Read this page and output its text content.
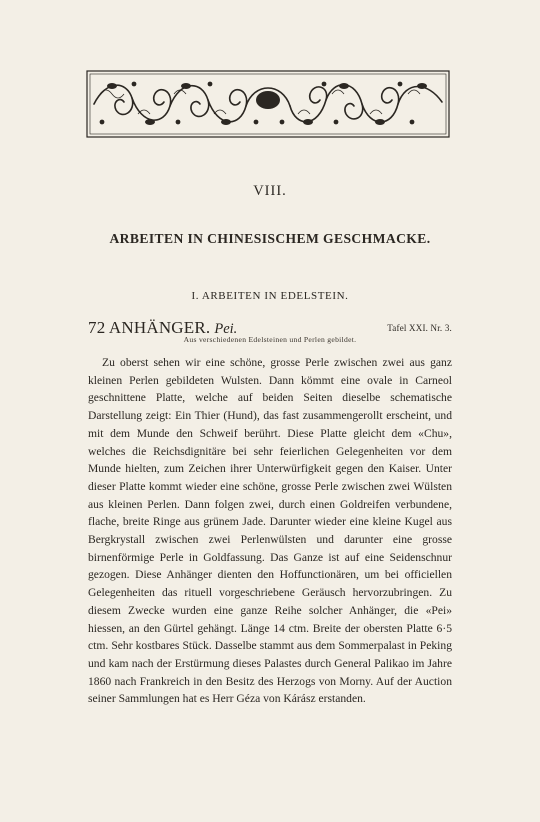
VIII.
ARBEITEN IN CHINESISCHEM GESCHMACKE.
I. ARBEITEN IN EDELSTEIN.
72 ANHÄNGER. Pei.	Tafel XXI. Nr. 3.
Aus verschiedenen Edelsteinen und Perlen gebildet.

Zu oberst sehen wir eine schöne, grosse Perle zwischen zwei aus ganz kleinen Perlen gebildeten Wulsten. Dann kömmt eine ovale in Carneol geschnittene Platte, welche auf beiden Seiten dieselbe schematische Darstellung zeigt: Ein Thier (Hund), das fast zusammengerollt erscheint, und mit dem Munde den Schweif berührt. Diese Platte gleicht dem «Chu», welches die Reichsdignitäre bei sehr feierlichen Gelegenheiten vor dem Munde hielten, zum Zeichen ihrer Unterwürfigkeit gegen den Kaiser. Unter dieser Platte kommt wieder eine schöne, grosse Perle zwischen zwei Wülsten aus kleinen Perlen. Dann folgen zwei, durch einen Goldreifen verbundene, flache, breite Ringe aus grünem Jade. Darunter wieder eine kleine Kugel aus Bergkrystall zwischen zwei Perlenwülsten und darunter eine grosse birnenförmige Perle in Goldfassung. Das Ganze ist auf eine Seidenschnur gezogen. Diese Anhänger dienten den Hoffunctionären, um bei officiellen Gelegenheiten das rituell vorgeschriebene Geräusch hervorzubringen. Zu diesem Zwecke wurden eine ganze Reihe solcher Anhänger, die «Pei» hiessen, an den Gürtel gehängt. Länge 14 ctm. Breite der obersten Platte 6·5 ctm. Sehr kostbares Stück. Dasselbe stammt aus dem Sommerpalast in Peking und kam nach der Erstürmung dieses Palastes durch General Palikao im Jahre 1860 nach Frankreich in den Besitz des Herzogs von Morny. Auf der Auction seiner Sammlungen hat es Herr Géza von Kárász erstanden.
